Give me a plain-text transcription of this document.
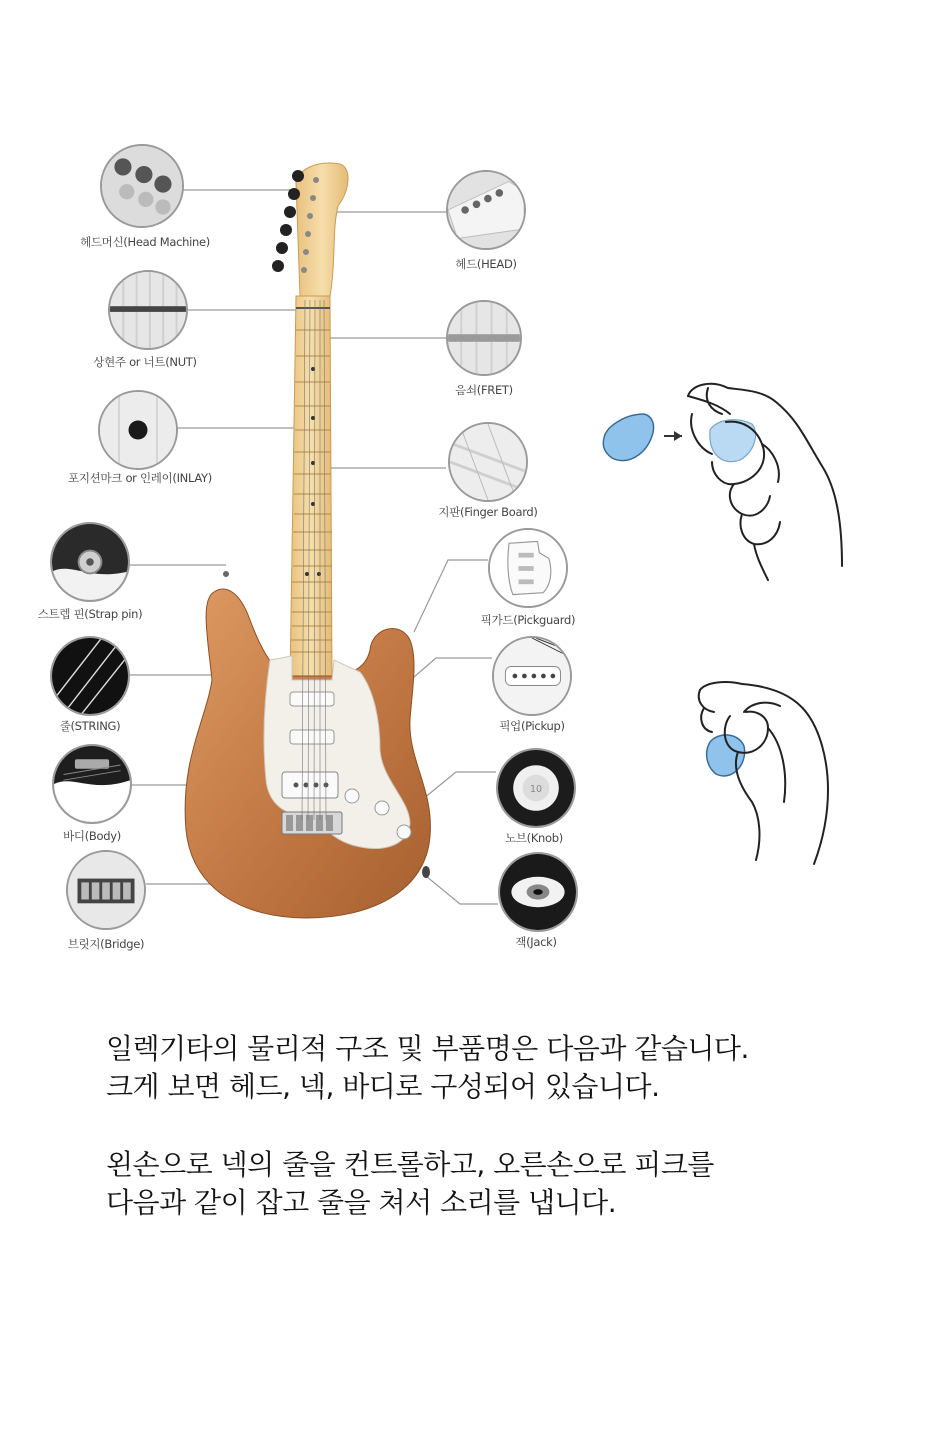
헤드머신(Head Machine)
상현주 or 너트(NUT)
포지션마크 or 인레이(INLAY)
스트렙 핀(Strap pin)
줄(STRING)
바디(Body)
브릿지(Bridge)
헤드(HEAD)
음쇠(FRET)
지판(Finger Board)
픽가드(Pickguard)
픽업(Pickup)
10
노브(Knob)
잭(Jack)
일렉기타의 물리적 구조 및 부품명은 다음과 같습니다.
크게 보면 헤드, 넥, 바디로 구성되어 있습니다.
왼손으로 넥의 줄을 컨트롤하고, 오른손으로 피크를
다음과 같이 잡고 줄을 쳐서 소리를 냅니다.
